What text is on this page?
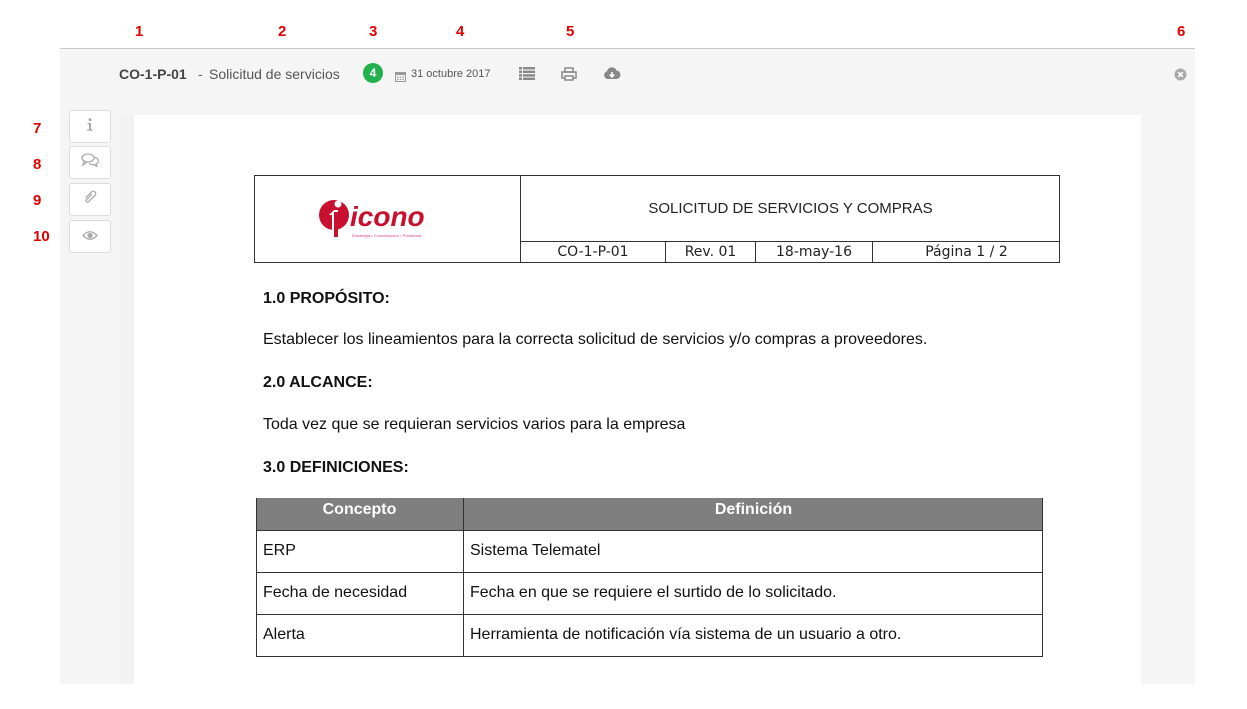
1	2	3	4	5	6
7
8
9
10
CO-1-P-01 - Solicitud de servicios	4	31 octubre 2017
icono
Estrategia • Comunicación • Publicidad
SOLICITUD DE SERVICIOS Y COMPRAS
CO-1-P-01	Rev. 01	18-may-16	Página 1 / 2
1.0 PROPÓSITO:
Establecer los lineamientos para la correcta solicitud de servicios y/o compras a proveedores.
2.0 ALCANCE:
Toda vez que se requieran servicios varios para la empresa
3.0 DEFINICIONES:
Concepto	Definición
ERP	Sistema Telematel
Fecha de necesidad	Fecha en que se requiere el surtido de lo solicitado.
Alerta	Herramienta de notificación vía sistema de un usuario a otro.
